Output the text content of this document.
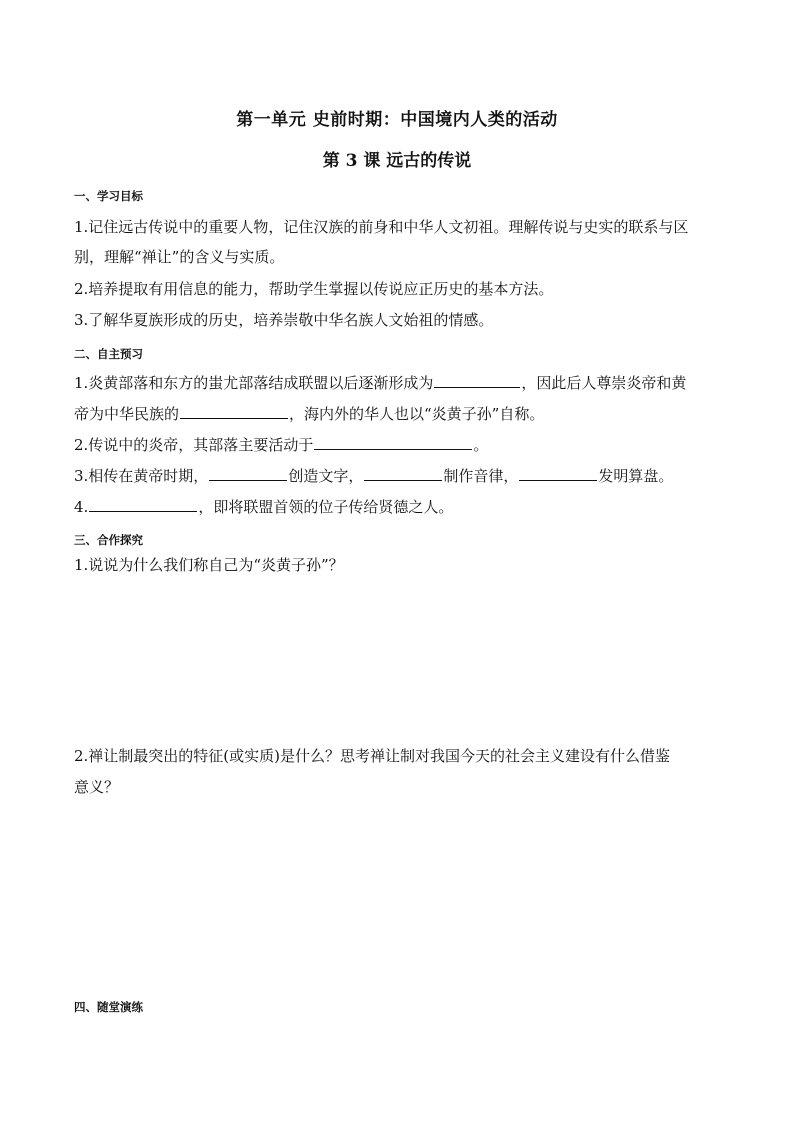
第一单元 史前时期：中国境内人类的活动
第 3 课 远古的传说
一、学习目标
1.记住远古传说中的重要人物，记住汉族的前身和中华人文初祖。理解传说与史实的联系与区
别，理解“禅让”的含义与实质。
2.培养提取有用信息的能力，帮助学生掌握以传说应正历史的基本方法。
3.了解华夏族形成的历史，培养崇敬中华名族人文始祖的情感。
二、自主预习
1.炎黄部落和东方的蚩尤部落结成联盟以后逐渐形成为	，因此后人尊崇炎帝和黄
帝为中华民族的	，海内外的华人也以“炎黄子孙”自称。
2.传说中的炎帝，其部落主要活动于	。
3.相传在黄帝时期，	创造文字，	制作音律，	发明算盘。
4.	，即将联盟首领的位子传给贤德之人。
三、合作探究
1.说说为什么我们称自己为“炎黄子孙”？
2.禅让制最突出的特征(或实质)是什么？思考禅让制对我国今天的社会主义建设有什么借鉴
意义？
四、随堂演练
